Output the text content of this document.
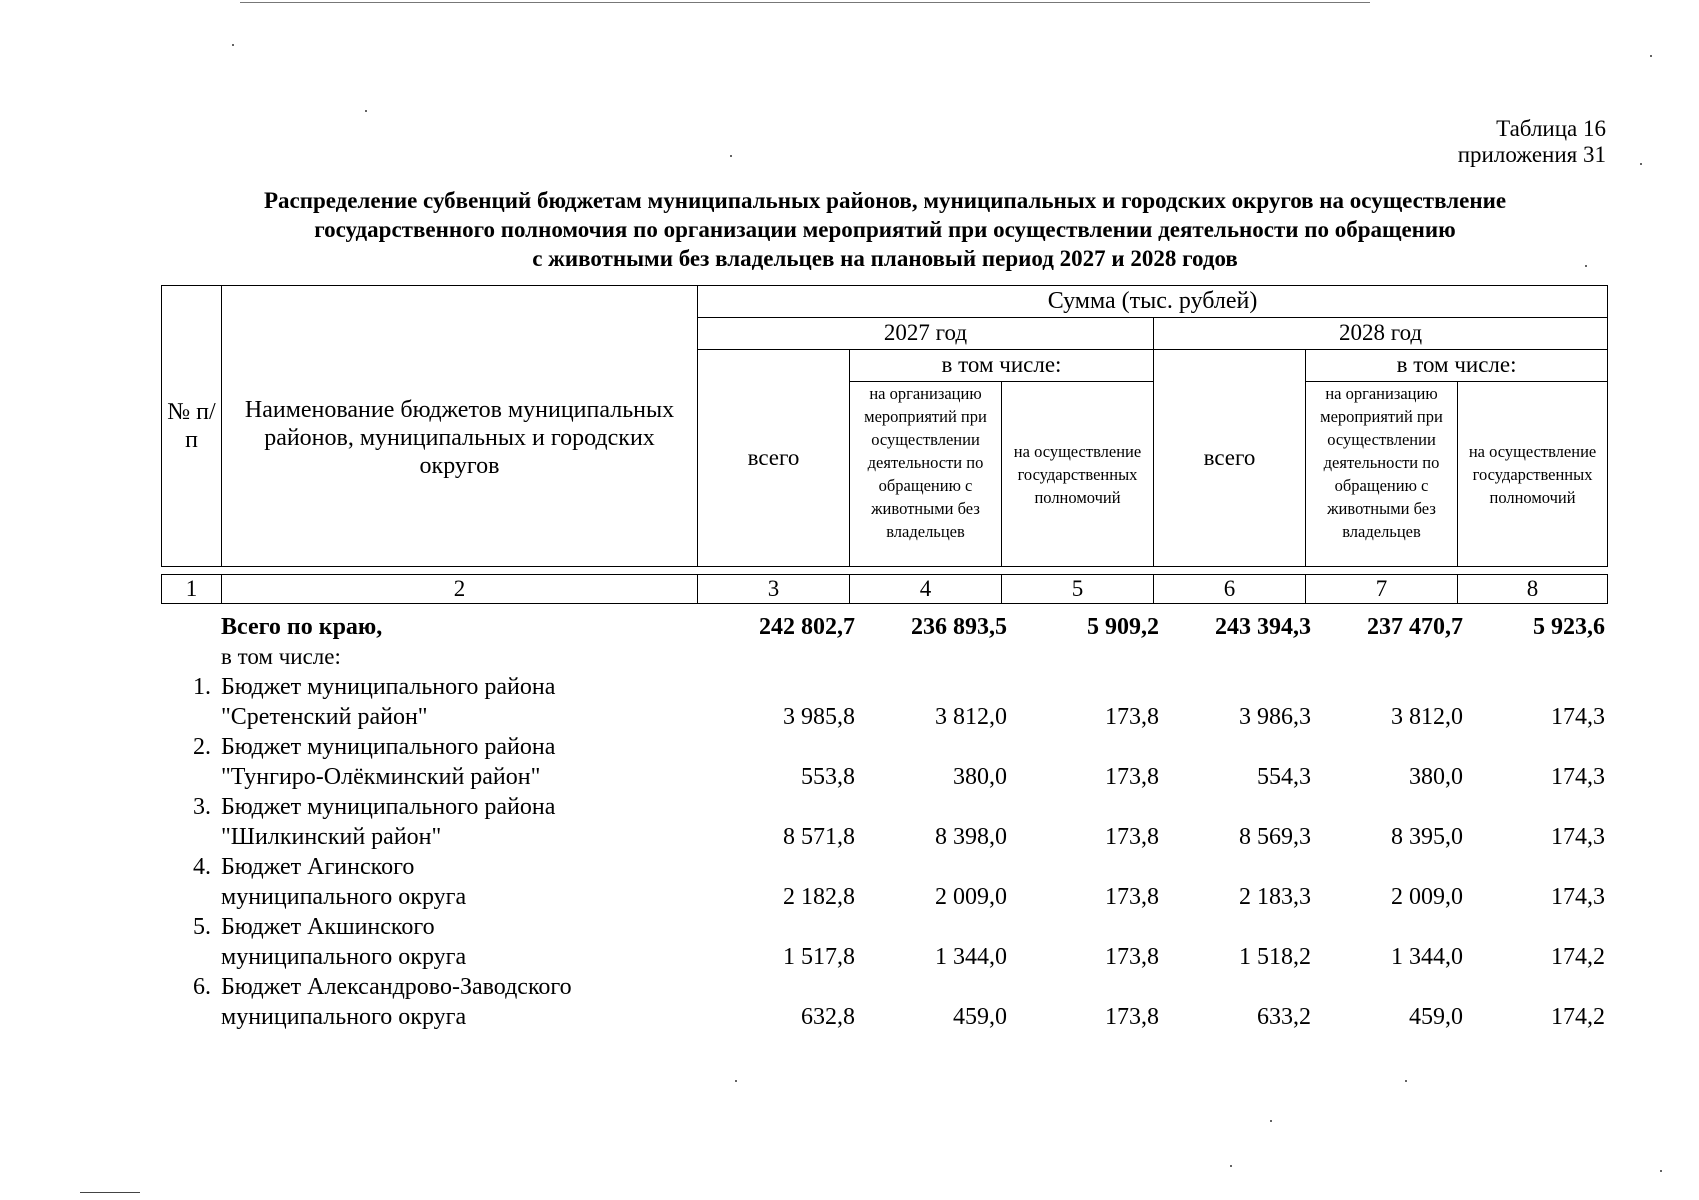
Таблица 16
приложения 31
Распределение субвенций бюджетам муниципальных районов, муниципальных и городских округов на осуществление
государственного полномочия по организации мероприятий при осуществлении деятельности по обращению
с животными без владельцев на плановый период 2027 и 2028 годов
№ п/п	Наименование бюджетов муниципальных районов, муниципальных и городских округов	Сумма (тыс. рублей)					
		2027 год			2028 год		
		всего	в том числе:		всего	в том числе:	

			на организацию мероприятий при осуществлении деятельности по обращению с животными без владельцев	на осуществление государственных полномочий		на организацию мероприятий при осуществлении деятельности по обращению с животными без владельцев	на осуществление государственных полномочий
1	2	3	4	5	6	7	8
Всего по краю,	242 802,7	236 893,5	5 909,2	243 394,3	237 470,7	5 923,6
в том числе:
1. Бюджет муниципального района
"Сретенский район"	3 985,8	3 812,0	173,8	3 986,3	3 812,0	174,3
2. Бюджет муниципального района
"Тунгиро-Олёкминский район"	553,8	380,0	173,8	554,3	380,0	174,3
3. Бюджет муниципального района
"Шилкинский район"	8 571,8	8 398,0	173,8	8 569,3	8 395,0	174,3
4. Бюджет Агинского
муниципального округа	2 182,8	2 009,0	173,8	2 183,3	2 009,0	174,3
5. Бюджет Акшинского
муниципального округа	1 517,8	1 344,0	173,8	1 518,2	1 344,0	174,2
6. Бюджет Александрово-Заводского
муниципального округа	632,8	459,0	173,8	633,2	459,0	174,2
